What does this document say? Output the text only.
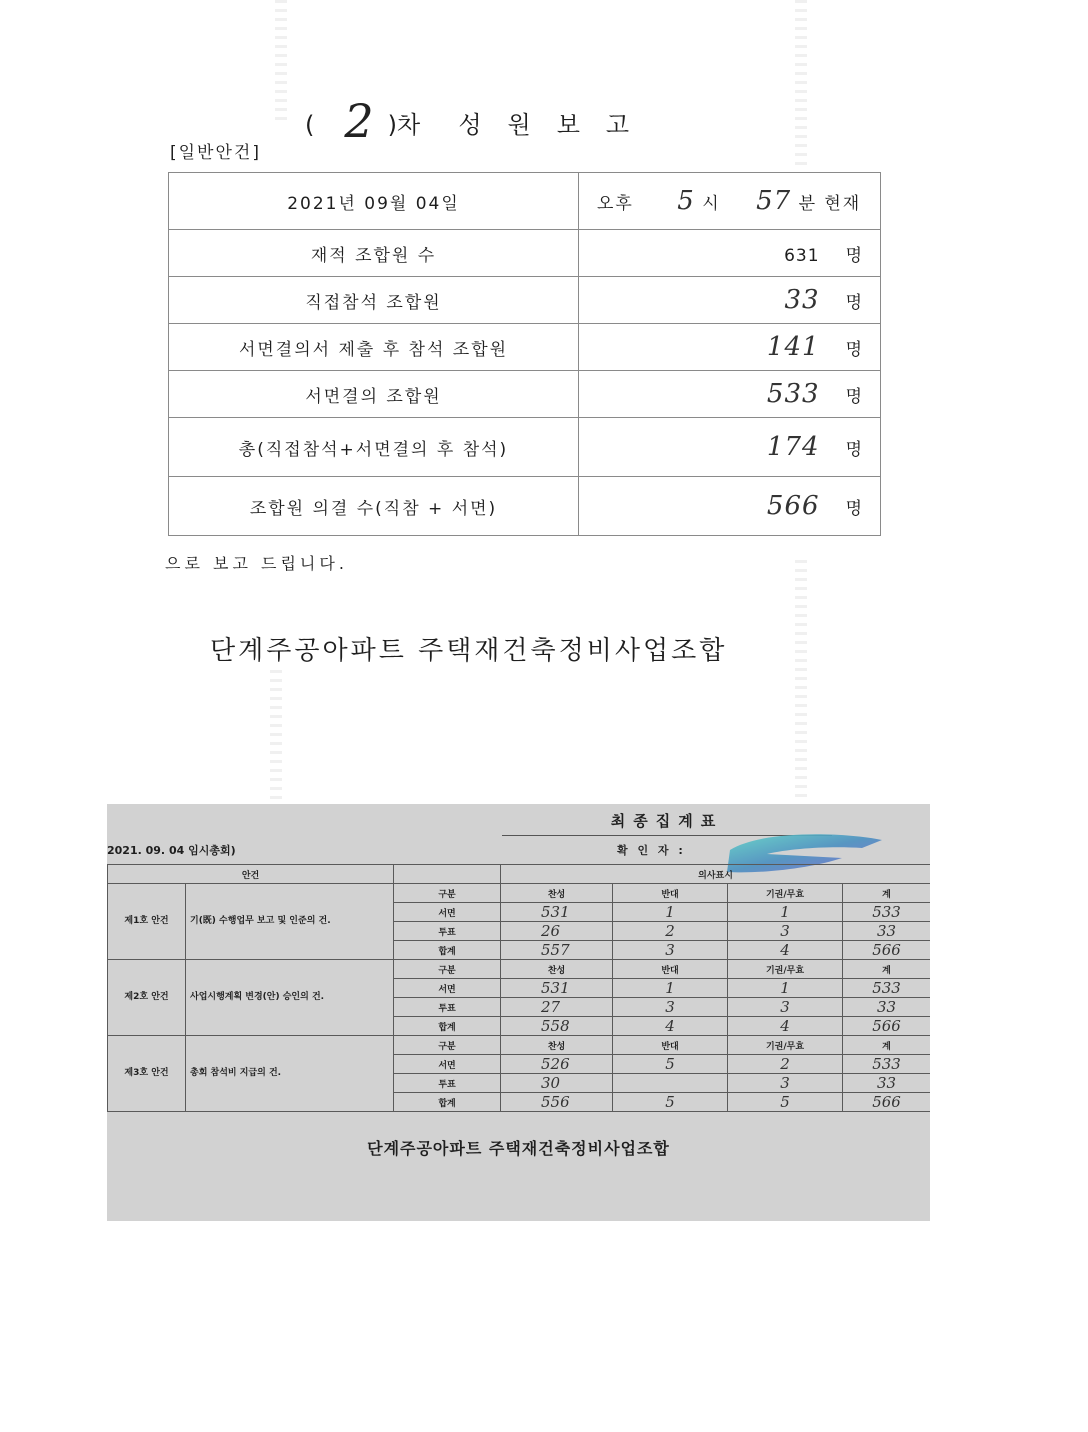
( 2 )차 성원보고
[일반안건]
2021년 09월 04일	오후 5 시 57 분 현재
재적 조합원 수	631 명
직접참석 조합원	33 명
서면결의서 제출 후 참석 조합원	141 명
서면결의 조합원	533 명
총(직접참석+서면결의 후 참석)	174 명
조합원 의결 수(직참 + 서면)	566 명
으로 보고 드립니다.
단계주공아파트 주택재건축정비사업조합
최종집계표
2021. 09. 04 임시총회)	확 인 자 :
안건			의사표시			
제1호 안건	기(既) 수행업무 보고 및 인준의 건.	구분	찬성	반대	기권/무효	계
		서면	531	1	1	533
		투표	26	2	3	33
		합계	557	3	4	566
제2호 안건	사업시행계획 변경(안) 승인의 건.	구분	찬성	반대	기권/무효	계
		서면	531	1	1	533
		투표	27	3	3	33
		합계	558	4	4	566
제3호 안건	총회 참석비 지급의 건.	구분	찬성	반대	기권/무효	계
		서면	526	5	2	533
		투표	30		3	33
		합계	556	5	5	566
단계주공아파트 주택재건축정비사업조합
